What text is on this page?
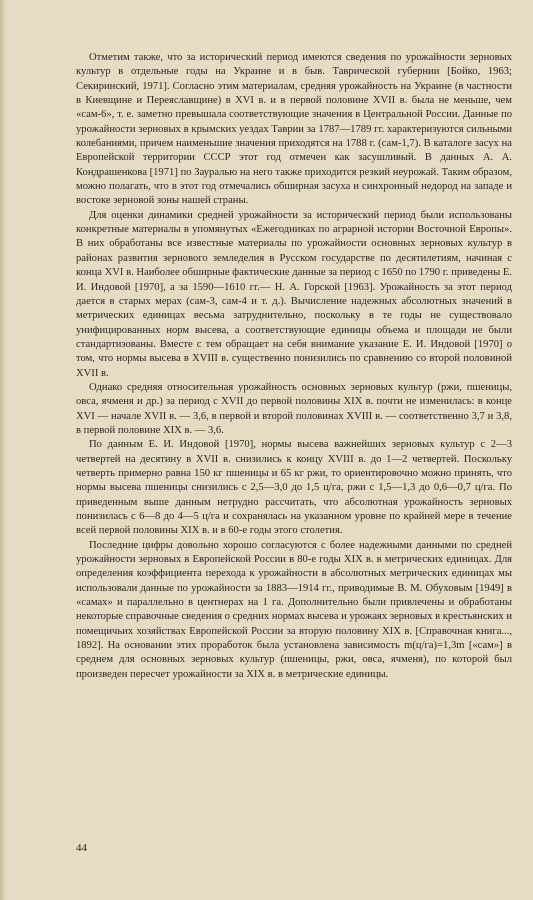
Отметим также, что за исторический период имеются сведения по урожайности зерновых культур в отдельные годы на Украине и в быв. Таврической губернии [Бойко, 1963; Секиринский, 1971]. Согласно этим материалам, средняя урожайность на Украине (в частности в Киевщине и Переяславщине) в XVI в. и в первой половине XVII в. была не меньше, чем «сам-6», т. е. заметно превышала соответствующие значения в Центральной России. Данные по урожайности зерновых в крымских уездах Таврии за 1787—1789 гг. характеризуются сильными колебаниями, причем наименьшие значения приходятся на 1788 г. (сам-1,7). В каталоге засух на Европейской территории СССР этот год отмечен как засушливый. В данных А. А. Кондрашенкова [1971] по Зауралью на него также приходится резкий неурожай. Таким образом, можно полагать, что в этот год отмечались обширная засуха и синхронный недород на западе и востоке зерновой зоны нашей страны.

Для оценки динамики средней урожайности за исторический период были использованы конкретные материалы в упомянутых «Ежегодниках по аграрной истории Восточной Европы». В них обработаны все известные материалы по урожайности основных зерновых культур в районах развития зернового земледелия в Русском государстве по десятилетиям, начиная с конца XVI в. Наиболее обширные фактические данные за период с 1650 по 1790 г. приведены Е. И. Индовой [1970], а за 1590—1610 гг.— Н. А. Горской [1963]. Урожайность за этот период дается в старых мерах (сам-3, сам-4 и т. д.). Вычисление надежных абсолютных значений в метрических единицах весьма затруднительно, поскольку в те годы не существовало унифицированных норм высева, а соответствующие единицы объема и площади не были стандартизованы. Вместе с тем обращает на себя внимание указание Е. И. Индовой [1970] о том, что нормы высева в XVIII в. существенно понизились по сравнению со второй половиной XVII в.

Однако средняя относительная урожайность основных зерновых культур (ржи, пшеницы, овса, ячменя и др.) за период с XVII до первой половины XIX в. почти не изменилась: в конце XVI — начале XVII в. — 3,6, в первой и второй половинах XVIII в. — соответственно 3,7 и 3,8, в первой половине XIX в. — 3,6.

По данным Е. И. Индовой [1970], нормы высева важнейших зерновых культур с 2—3 четвертей на десятину в XVII в. снизились к концу XVIII в. до 1—2 четвертей. Поскольку четверть примерно равна 150 кг пшеницы и 65 кг ржи, то ориентировочно можно принять, что нормы высева пшеницы снизились с 2,5—3,0 до 1,5 ц/га, ржи с 1,5—1,3 до 0,6—0,7 ц/га. По приведенным выше данным нетрудно рассчитать, что абсолютная урожайность зерновых понизилась с 6—8 до 4—5 ц/га и сохранялась на указанном уровне по крайней мере в течение всей первой половины XIX в. и в 60-е годы этого столетия.

Последние цифры довольно хорошо согласуются с более надежными данными по средней урожайности зерновых в Европейской России в 80-е годы XIX в. в метрических единицах. Для определения коэффициента перехода к урожайности в абсолютных метрических единицах мы использовали данные по урожайности за 1883—1914 гг., приводимые В. М. Обуховым [1949] в «самах» и параллельно в центнерах на 1 га. Дополнительно были привлечены и обработаны некоторые справочные сведения о средних нормах высева и урожаях зерновых в крестьянских и помещичьих хозяйствах Европейской России за вторую половину XIX в. [Справочная книга..., 1892]. На основании этих проработок была установлена зависимость m(ц/га)=1,3m [«сам»] в среднем для основных зерновых культур (пшеницы, ржи, овса, ячменя), по которой был произведен пересчет урожайности за XIX в. в метрические единицы.

44
